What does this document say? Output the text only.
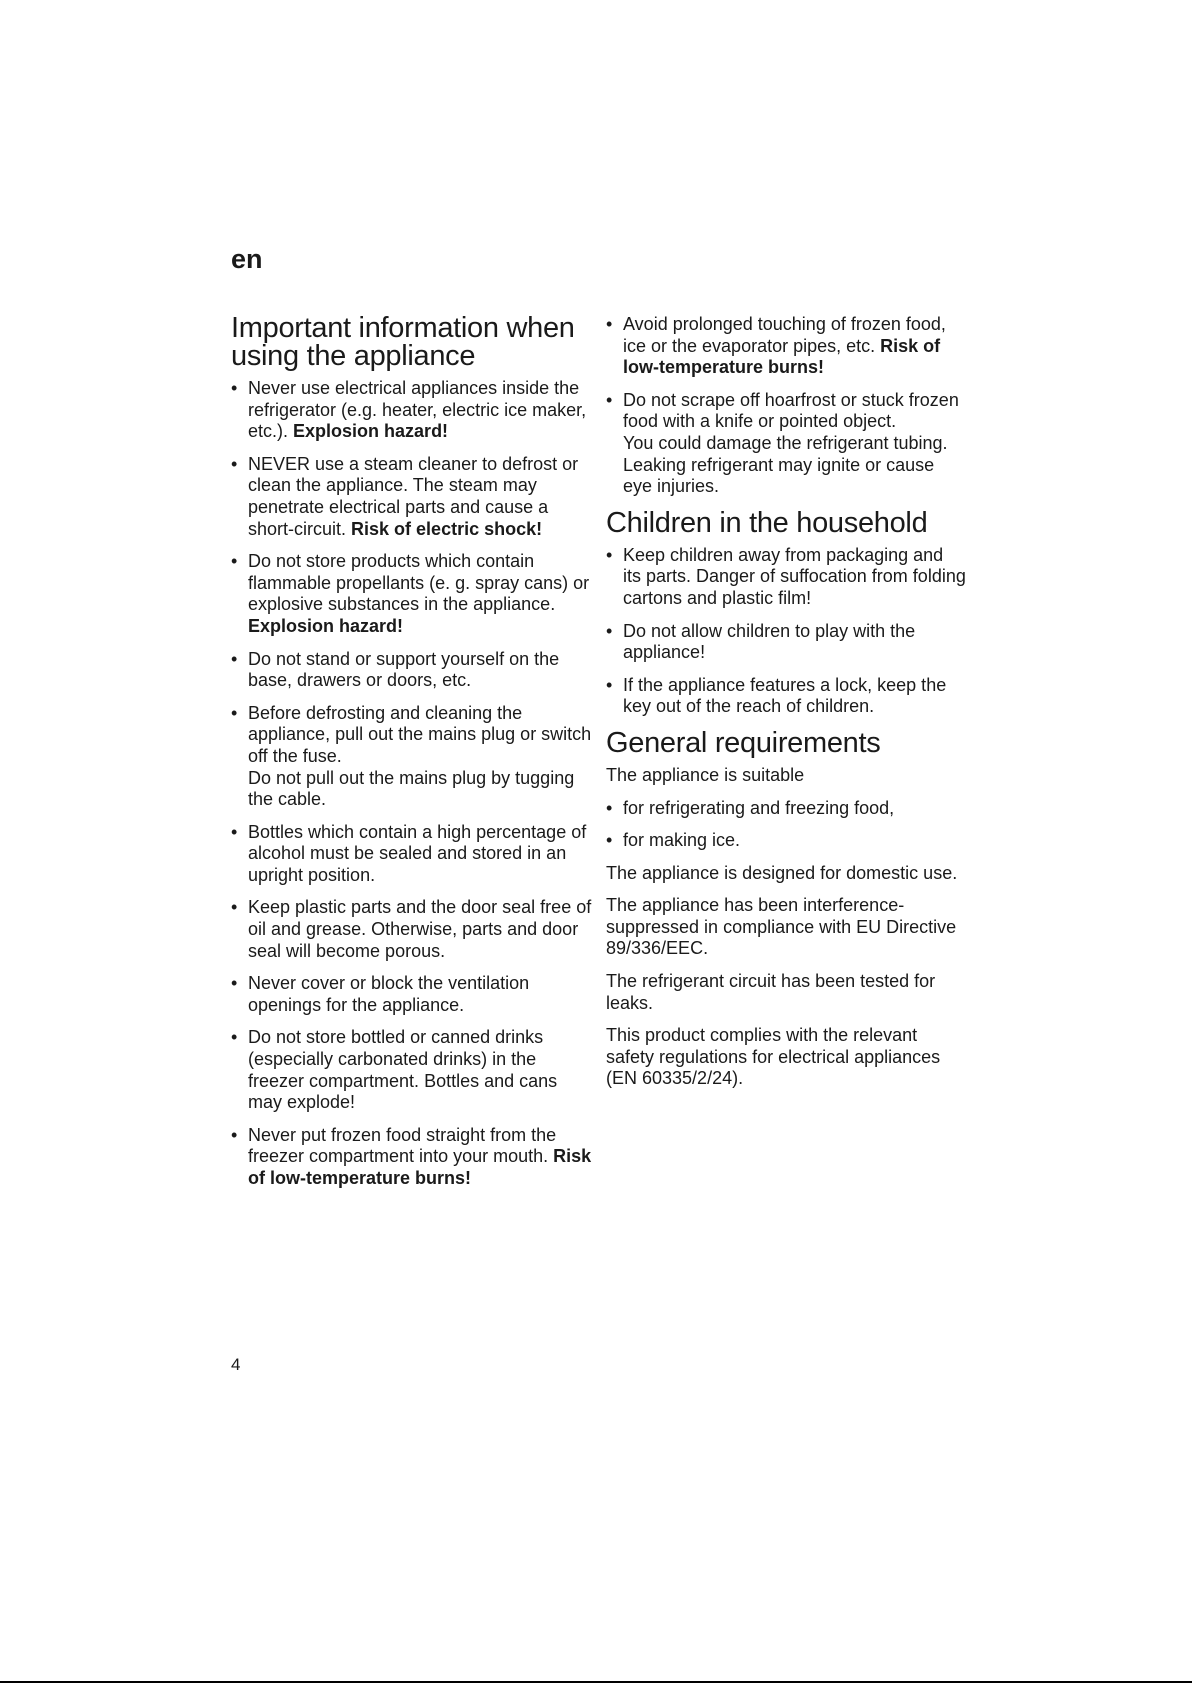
en
Important information when using the appliance
• Never use electrical appliances inside the refrigerator (e.g. heater, electric ice maker, etc.). Explosion hazard!
• NEVER use a steam cleaner to defrost or clean the appliance. The steam may penetrate electrical parts and cause a short-circuit. Risk of electric shock!
• Do not store products which contain flammable propellants (e. g. spray cans) or explosive substances in the appliance. Explosion hazard!
• Do not stand or support yourself on the base, drawers or doors, etc.
• Before defrosting and cleaning the appliance, pull out the mains plug or switch off the fuse.
Do not pull out the mains plug by tugging the cable.
• Bottles which contain a high percentage of alcohol must be sealed and stored in an upright position.
• Keep plastic parts and the door seal free of oil and grease. Otherwise, parts and door seal will become porous.
• Never cover or block the ventilation openings for the appliance.
• Do not store bottled or canned drinks (especially carbonated drinks) in the freezer compartment. Bottles and cans may explode!
• Never put frozen food straight from the freezer compartment into your mouth. Risk of low-temperature burns!
• Avoid prolonged touching of frozen food, ice or the evaporator pipes, etc. Risk of low-temperature burns!
• Do not scrape off hoarfrost or stuck frozen food with a knife or pointed object.
You could damage the refrigerant tubing. Leaking refrigerant may ignite or cause eye injuries.
Children in the household
• Keep children away from packaging and its parts. Danger of suffocation from folding cartons and plastic film!
• Do not allow children to play with the appliance!
• If the appliance features a lock, keep the key out of the reach of children.
General requirements

The appliance is suitable

• for refrigerating and freezing food,
• for making ice.

The appliance is designed for domestic use.

The appliance has been interference-suppressed in compliance with EU Directive 89/336/EEC.

The refrigerant circuit has been tested for leaks.

This product complies with the relevant safety regulations for electrical appliances (EN 60335/2/24).

4
